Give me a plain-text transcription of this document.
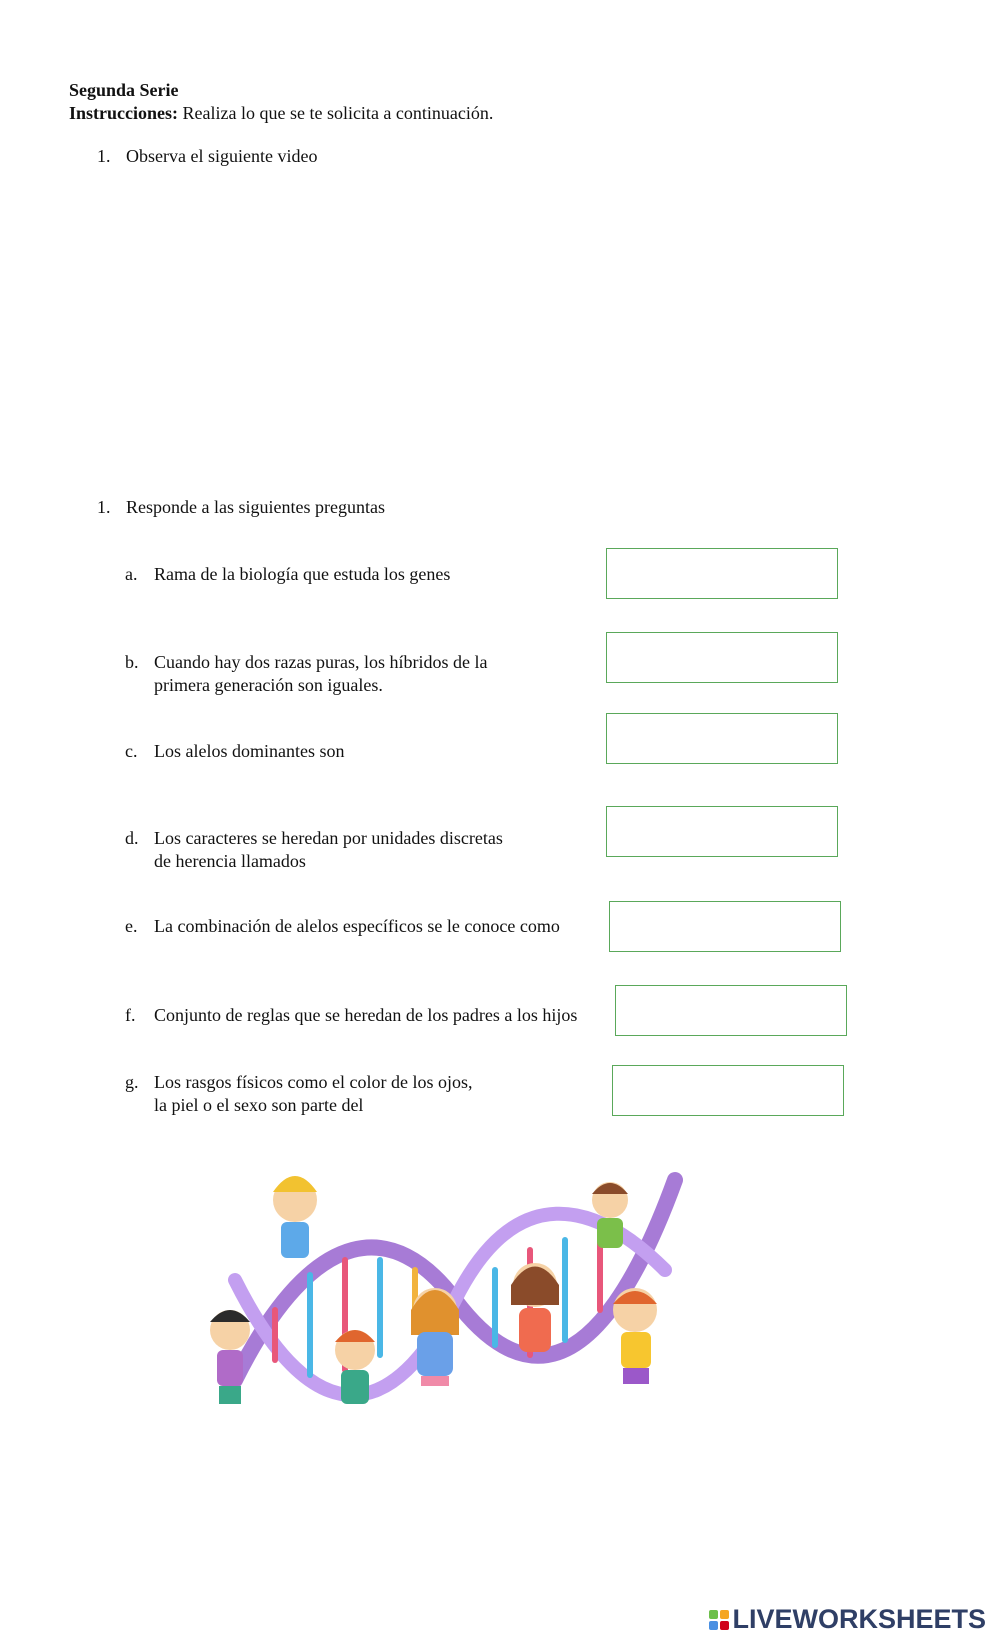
Segunda Serie
Instrucciones: Realiza lo que se te solicita a continuación.
1. Observa el siguiente video
1. Responde a las siguientes preguntas
a. Rama de la biología que estuda los genes
b. Cuando hay dos razas puras, los híbridos de la
primera generación son iguales.
c. Los alelos dominantes son
d. Los caracteres se heredan por unidades discretas
de herencia llamados
e. La combinación de alelos específicos se le conoce como
f. Conjunto de reglas que se heredan de los padres a los hijos
g. Los rasgos físicos como el color de los ojos,
la piel o el sexo son parte del
LIVEWORKSHEETS
